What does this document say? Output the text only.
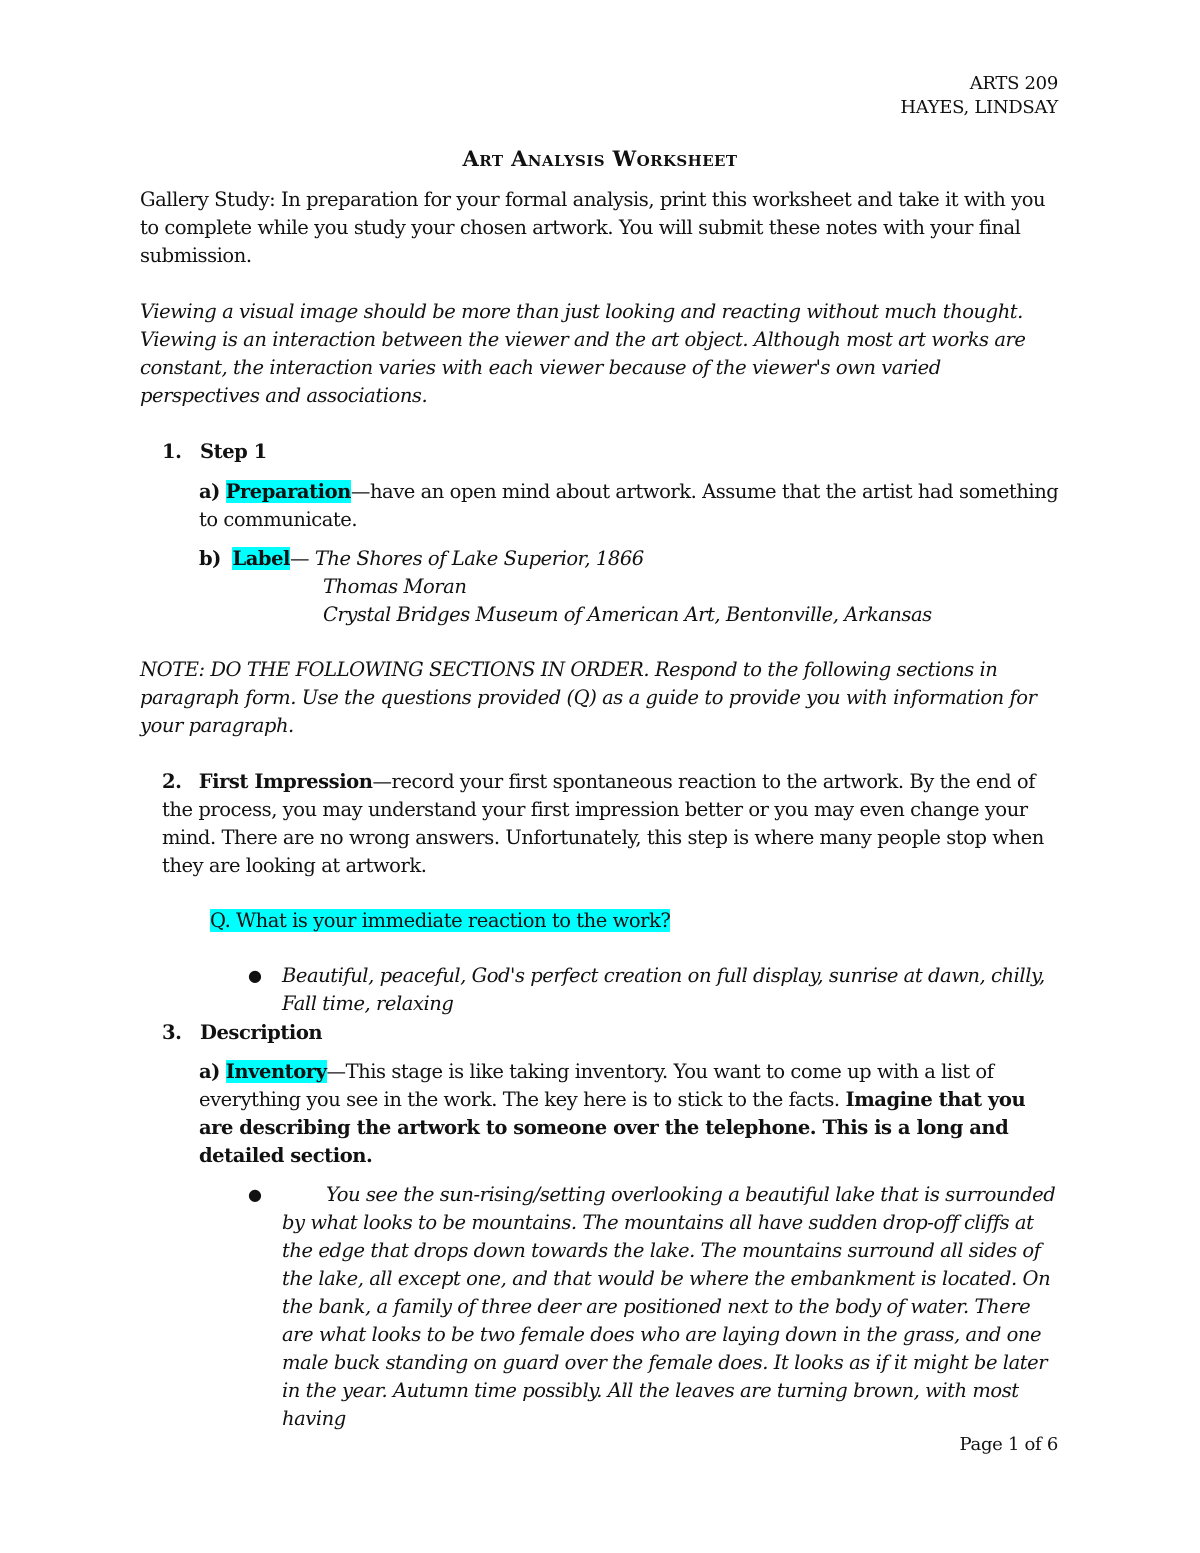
ARTS 209
HAYES, LINDSAY
Art Analysis Worksheet
Gallery Study: In preparation for your formal analysis, print this worksheet and take it with you to complete while you study your chosen artwork. You will submit these notes with your final submission.
Viewing a visual image should be more than just looking and reacting without much thought. Viewing is an interaction between the viewer and the art object. Although most art works are constant, the interaction varies with each viewer because of the viewer's own varied perspectives and associations.
1. Step 1
a) Preparation—have an open mind about artwork. Assume that the artist had something to communicate.
b) Label— The Shores of Lake Superior, 1866
Thomas Moran
Crystal Bridges Museum of American Art, Bentonville, Arkansas
NOTE: DO THE FOLLOWING SECTIONS IN ORDER. Respond to the following sections in paragraph form. Use the questions provided (Q) as a guide to provide you with information for your paragraph.
2. First Impression—record your first spontaneous reaction to the artwork. By the end of the process, you may understand your first impression better or you may even change your mind. There are no wrong answers. Unfortunately, this step is where many people stop when they are looking at artwork.
Q. What is your immediate reaction to the work?
● Beautiful, peaceful, God's perfect creation on full display, sunrise at dawn, chilly, Fall time, relaxing
3. Description
a) Inventory—This stage is like taking inventory. You want to come up with a list of everything you see in the work. The key here is to stick to the facts. Imagine that you are describing the artwork to someone over the telephone. This is a long and detailed section.
●	You see the sun-rising/setting overlooking a beautiful lake that is surrounded by what looks to be mountains. The mountains all have sudden drop-off cliffs at the edge that drops down towards the lake. The mountains surround all sides of the lake, all except one, and that would be where the embankment is located. On the bank, a family of three deer are positioned next to the body of water. There are what looks to be two female does who are laying down in the grass, and one male buck standing on guard over the female does. It looks as if it might be later in the year. Autumn time possibly. All the leaves are turning brown, with most having
Page 1 of 6
